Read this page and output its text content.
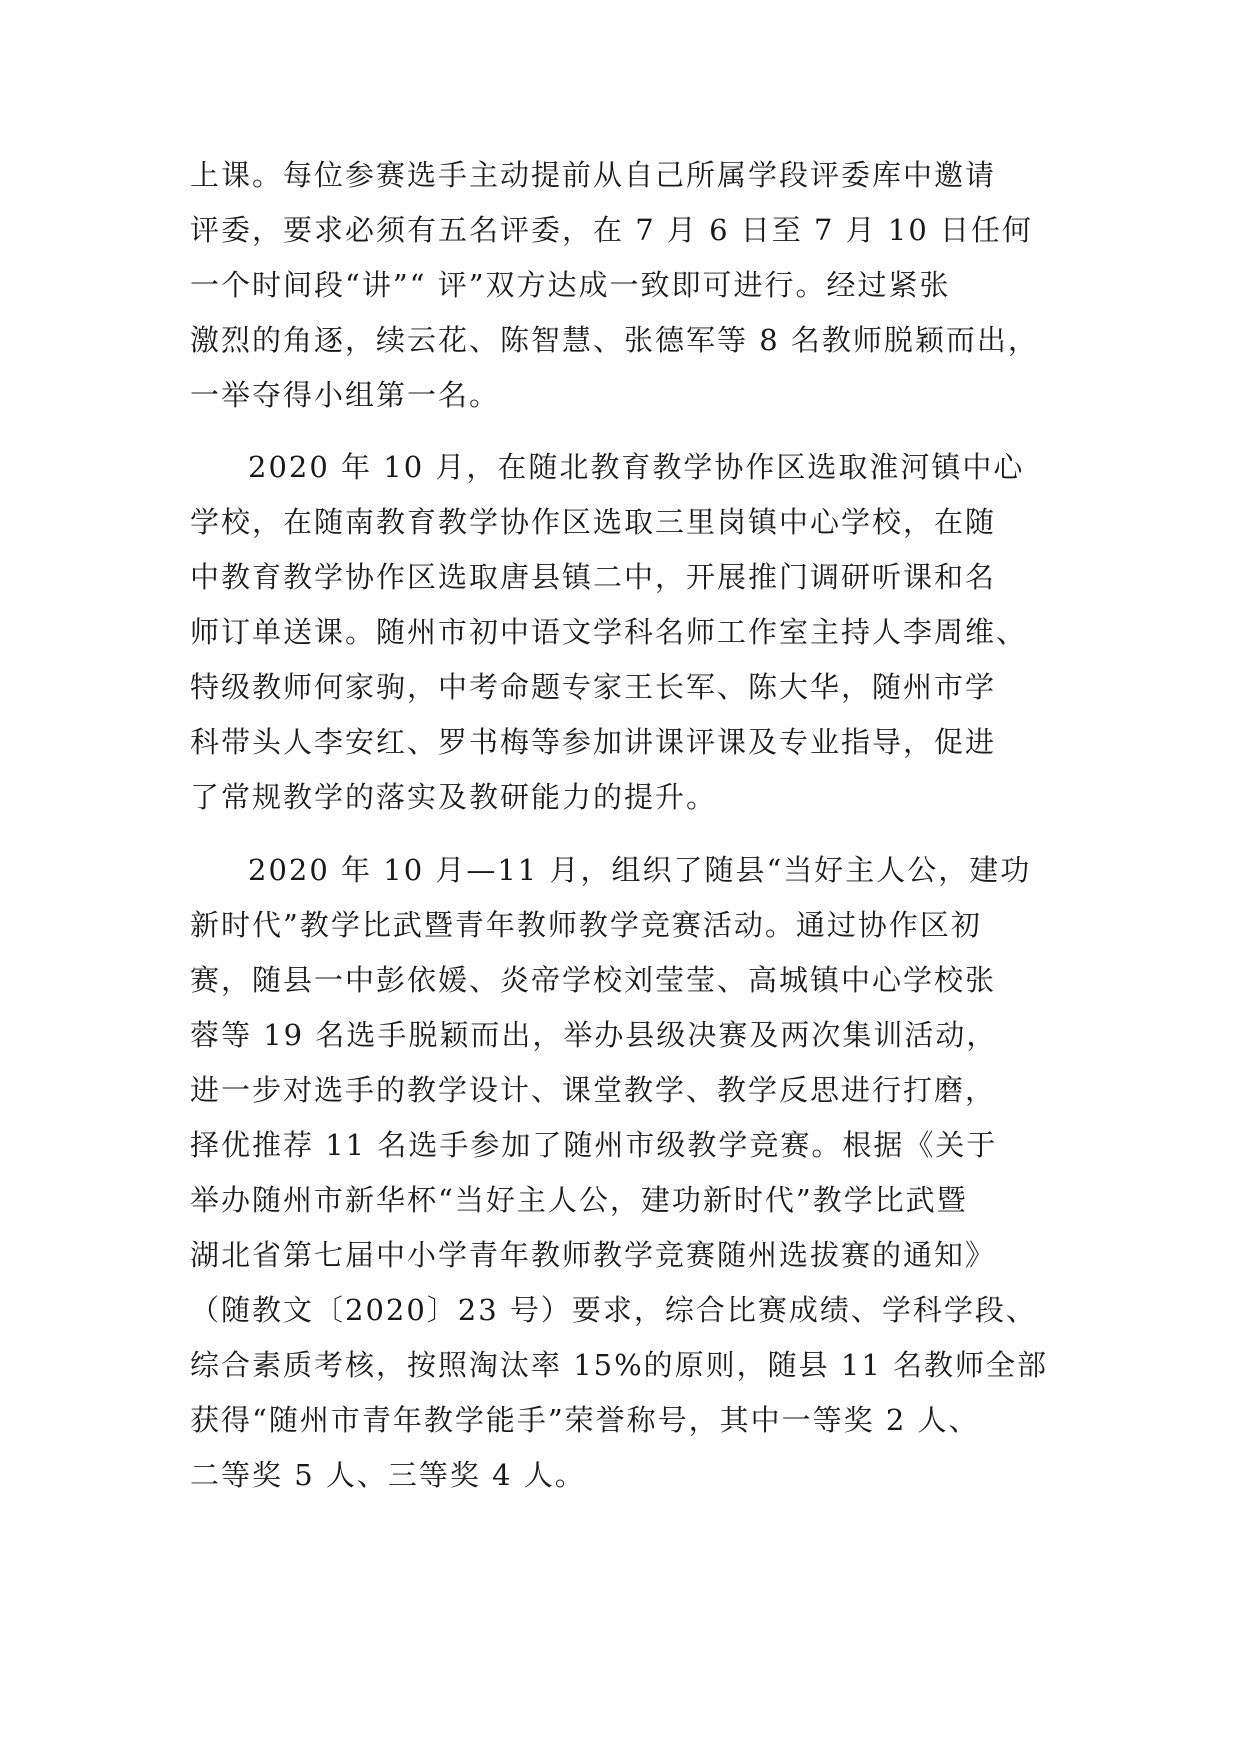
上课。每位参赛选手主动提前从自己所属学段评委库中邀请
评委，要求必须有五名评委，在 7 月 6 日至 7 月 10 日任何
一个时间段“讲”“ 评”双方达成一致即可进行。经过紧张
激烈的角逐，续云花、陈智慧、张德军等 8 名教师脱颖而出，
一举夺得小组第一名。
2020 年 10 月，在随北教育教学协作区选取淮河镇中心
学校，在随南教育教学协作区选取三里岗镇中心学校，在随
中教育教学协作区选取唐县镇二中，开展推门调研听课和名
师订单送课。随州市初中语文学科名师工作室主持人李周维、
特级教师何家驹，中考命题专家王长军、陈大华，随州市学
科带头人李安红、罗书梅等参加讲课评课及专业指导，促进
了常规教学的落实及教研能力的提升。
2020 年 10 月—11 月，组织了随县“当好主人公，建功
新时代”教学比武暨青年教师教学竞赛活动。通过协作区初
赛，随县一中彭依媛、炎帝学校刘莹莹、高城镇中心学校张
蓉等 19 名选手脱颖而出，举办县级决赛及两次集训活动，
进一步对选手的教学设计、课堂教学、教学反思进行打磨，
择优推荐 11 名选手参加了随州市级教学竞赛。根据《关于
举办随州市新华杯“当好主人公，建功新时代”教学比武暨
湖北省第七届中小学青年教师教学竞赛随州选拔赛的通知》
（随教文〔2020〕23 号）要求，综合比赛成绩、学科学段、
综合素质考核，按照淘汰率 15%的原则，随县 11 名教师全部
获得“随州市青年教学能手”荣誉称号，其中一等奖 2 人、
二等奖 5 人、三等奖 4 人。
